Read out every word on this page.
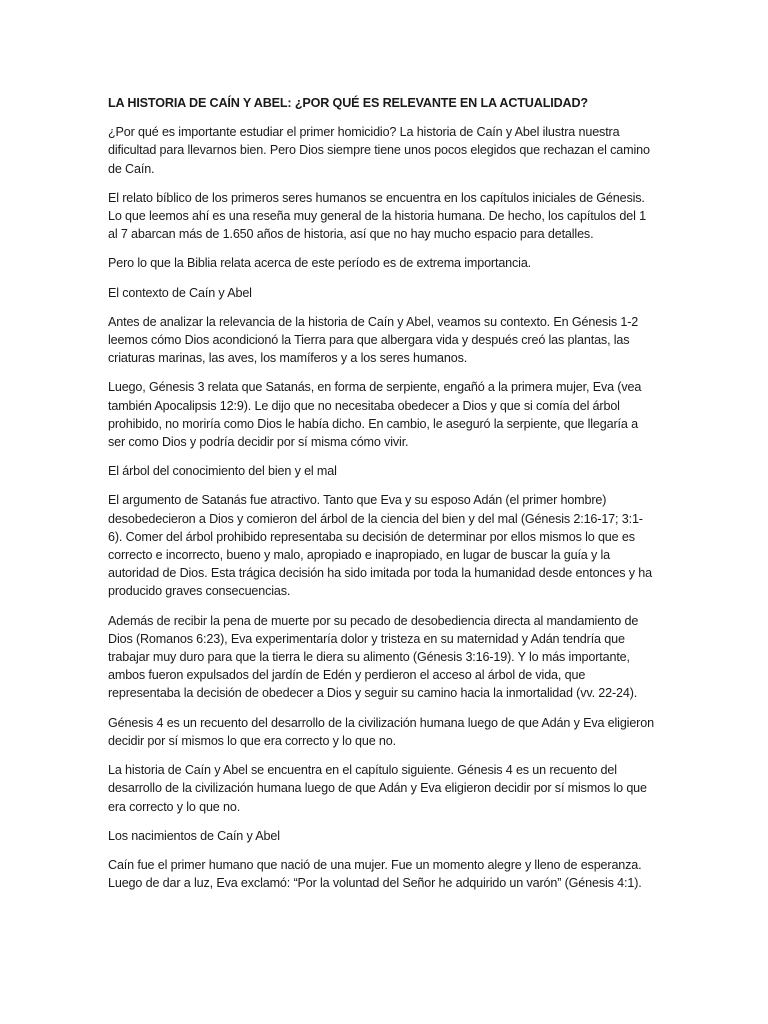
LA HISTORIA DE CAÍN Y ABEL: ¿POR QUÉ ES RELEVANTE EN LA ACTUALIDAD?

¿Por qué es importante estudiar el primer homicidio? La historia de Caín y Abel ilustra nuestra dificultad para llevarnos bien. Pero Dios siempre tiene unos pocos elegidos que rechazan el camino de Caín.

El relato bíblico de los primeros seres humanos se encuentra en los capítulos iniciales de Génesis. Lo que leemos ahí es una reseña muy general de la historia humana. De hecho, los capítulos del 1 al 7 abarcan más de 1.650 años de historia, así que no hay mucho espacio para detalles.

Pero lo que la Biblia relata acerca de este período es de extrema importancia.

El contexto de Caín y Abel

Antes de analizar la relevancia de la historia de Caín y Abel, veamos su contexto. En Génesis 1-2 leemos cómo Dios acondicionó la Tierra para que albergara vida y después creó las plantas, las criaturas marinas, las aves, los mamíferos y a los seres humanos.

Luego, Génesis 3 relata que Satanás, en forma de serpiente, engañó a la primera mujer, Eva (vea también Apocalipsis 12:9). Le dijo que no necesitaba obedecer a Dios y que si comía del árbol prohibido, no moriría como Dios le había dicho. En cambio, le aseguró la serpiente, que llegaría a ser como Dios y podría decidir por sí misma cómo vivir.

El árbol del conocimiento del bien y el mal

El argumento de Satanás fue atractivo. Tanto que Eva y su esposo Adán (el primer hombre) desobedecieron a Dios y comieron del árbol de la ciencia del bien y del mal (Génesis 2:16-17; 3:1-6). Comer del árbol prohibido representaba su decisión de determinar por ellos mismos lo que es correcto e incorrecto, bueno y malo, apropiado e inapropiado, en lugar de buscar la guía y la autoridad de Dios. Esta trágica decisión ha sido imitada por toda la humanidad desde entonces y ha producido graves consecuencias.

Además de recibir la pena de muerte por su pecado de desobediencia directa al mandamiento de Dios (Romanos 6:23), Eva experimentaría dolor y tristeza en su maternidad y Adán tendría que trabajar muy duro para que la tierra le diera su alimento (Génesis 3:16-19). Y lo más importante, ambos fueron expulsados del jardín de Edén y perdieron el acceso al árbol de vida, que representaba la decisión de obedecer a Dios y seguir su camino hacia la inmortalidad (vv. 22-24).

Génesis 4 es un recuento del desarrollo de la civilización humana luego de que Adán y Eva eligieron decidir por sí mismos lo que era correcto y lo que no.

La historia de Caín y Abel se encuentra en el capítulo siguiente. Génesis 4 es un recuento del desarrollo de la civilización humana luego de que Adán y Eva eligieron decidir por sí mismos lo que era correcto y lo que no.

Los nacimientos de Caín y Abel

Caín fue el primer humano que nació de una mujer. Fue un momento alegre y lleno de esperanza. Luego de dar a luz, Eva exclamó: “Por la voluntad del Señor he adquirido un varón” (Génesis 4:1).
